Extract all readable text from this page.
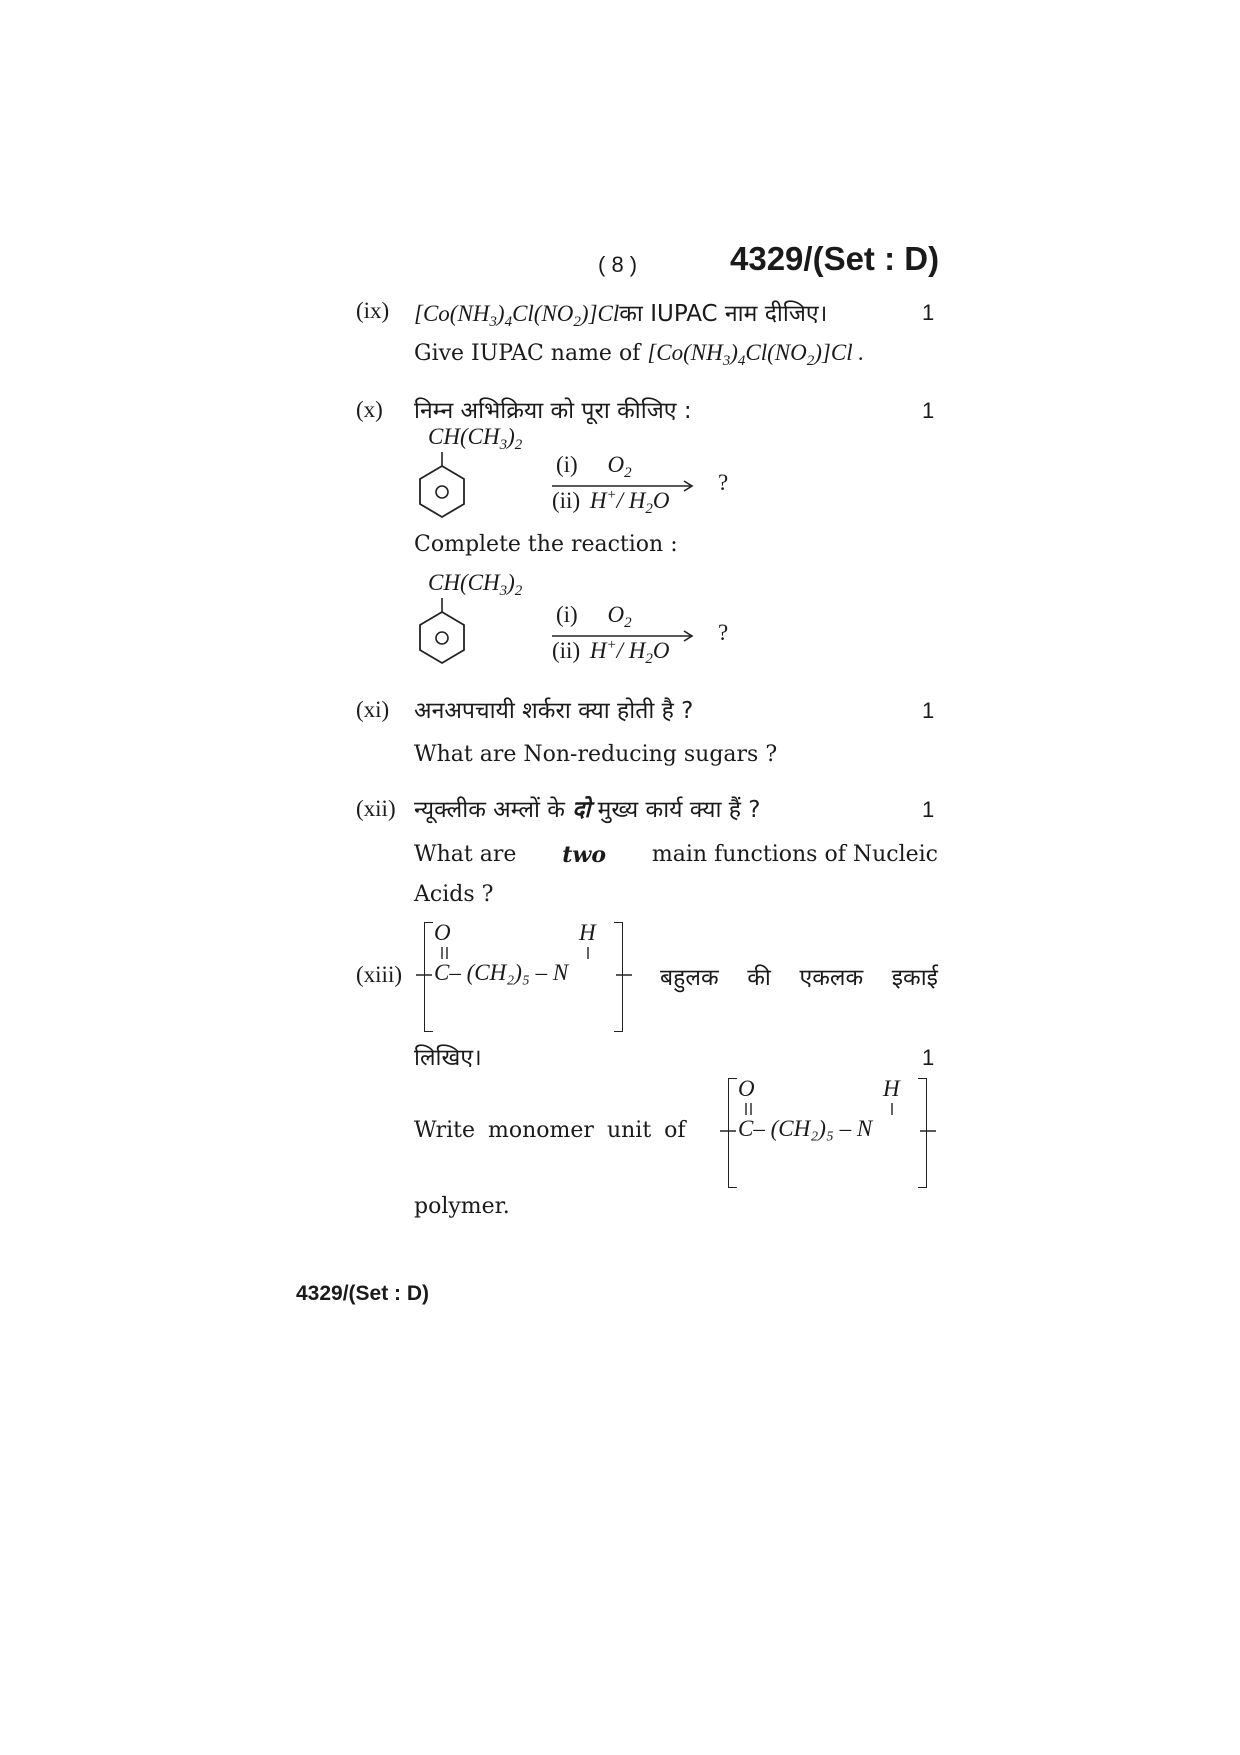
( 8 )	4329/(Set : D)
(ix) $[Co(NH_3)_4Cl(NO_2)]Clका$ IUPAC नाम दीजिए।	1
Give IUPAC name of $[Co(NH_3)_4Cl(NO_2)]Cl$ .
(x) निम्न अभिक्रिया को पूरा कीजिए :	1
$CH(CH_3)_2$
(i) $O_2$
(ii) H+/ $H_2O$
?
Complete the reaction :
$CH(CH_3)_2$
(i) $O_2$
(ii) H+/ $H_2O$
?
(xi) अनअपचायी शर्करा क्या होती है ?	1
What are Non-reducing sugars ?
(xii) न्यूक्लीक अम्लों के दो मुख्य कार्य क्या हैं ?	1
What are two main functions of Nucleic
Acids ?
(xiii)
O	H
C– (CH₂)₅ – N	बहुलक की एकलक इकाई
लिखिए।	1
Write monomer unit of
O	H
C– (CH₂)₅ – N
polymer.
4329/(Set : D)
